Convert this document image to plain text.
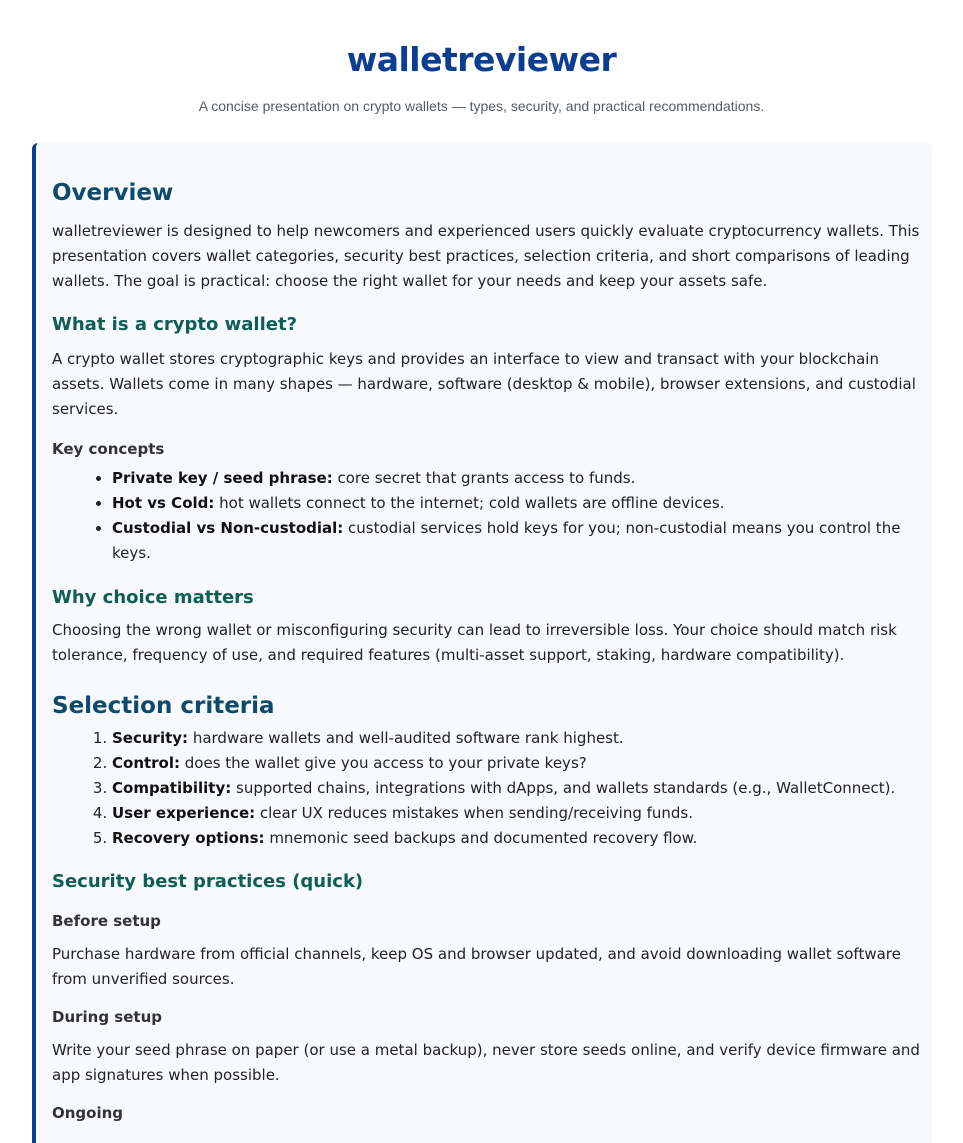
walletreviewer

A concise presentation on crypto wallets — types, security, and practical recommendations.

Overview

walletreviewer is designed to help newcomers and experienced users quickly evaluate cryptocurrency wallets. This presentation covers wallet categories, security best practices, selection criteria, and short comparisons of leading wallets. The goal is practical: choose the right wallet for your needs and keep your assets safe.

What is a crypto wallet?

A crypto wallet stores cryptographic keys and provides an interface to view and transact with your blockchain assets. Wallets come in many shapes — hardware, software (desktop & mobile), browser extensions, and custodial services.

Key concepts
• Private key / seed phrase: core secret that grants access to funds.
• Hot vs Cold: hot wallets connect to the internet; cold wallets are offline devices.
• Custodial vs Non-custodial: custodial services hold keys for you; non-custodial means you control the keys.
Why choice matters

Choosing the wrong wallet or misconfiguring security can lead to irreversible loss. Your choice should match risk tolerance, frequency of use, and required features (multi-asset support, staking, hardware compatibility).

Selection criteria
1. Security: hardware wallets and well-audited software rank highest.
2. Control: does the wallet give you access to your private keys?
3. Compatibility: supported chains, integrations with dApps, and wallets standards (e.g., WalletConnect).
4. User experience: clear UX reduces mistakes when sending/receiving funds.
5. Recovery options: mnemonic seed backups and documented recovery flow.
Security best practices (quick)
Before setup

Purchase hardware from official channels, keep OS and browser updated, and avoid downloading wallet software from unverified sources.

During setup

Write your seed phrase on paper (or use a metal backup), never store seeds online, and verify device firmware and app signatures when possible.

Ongoing
